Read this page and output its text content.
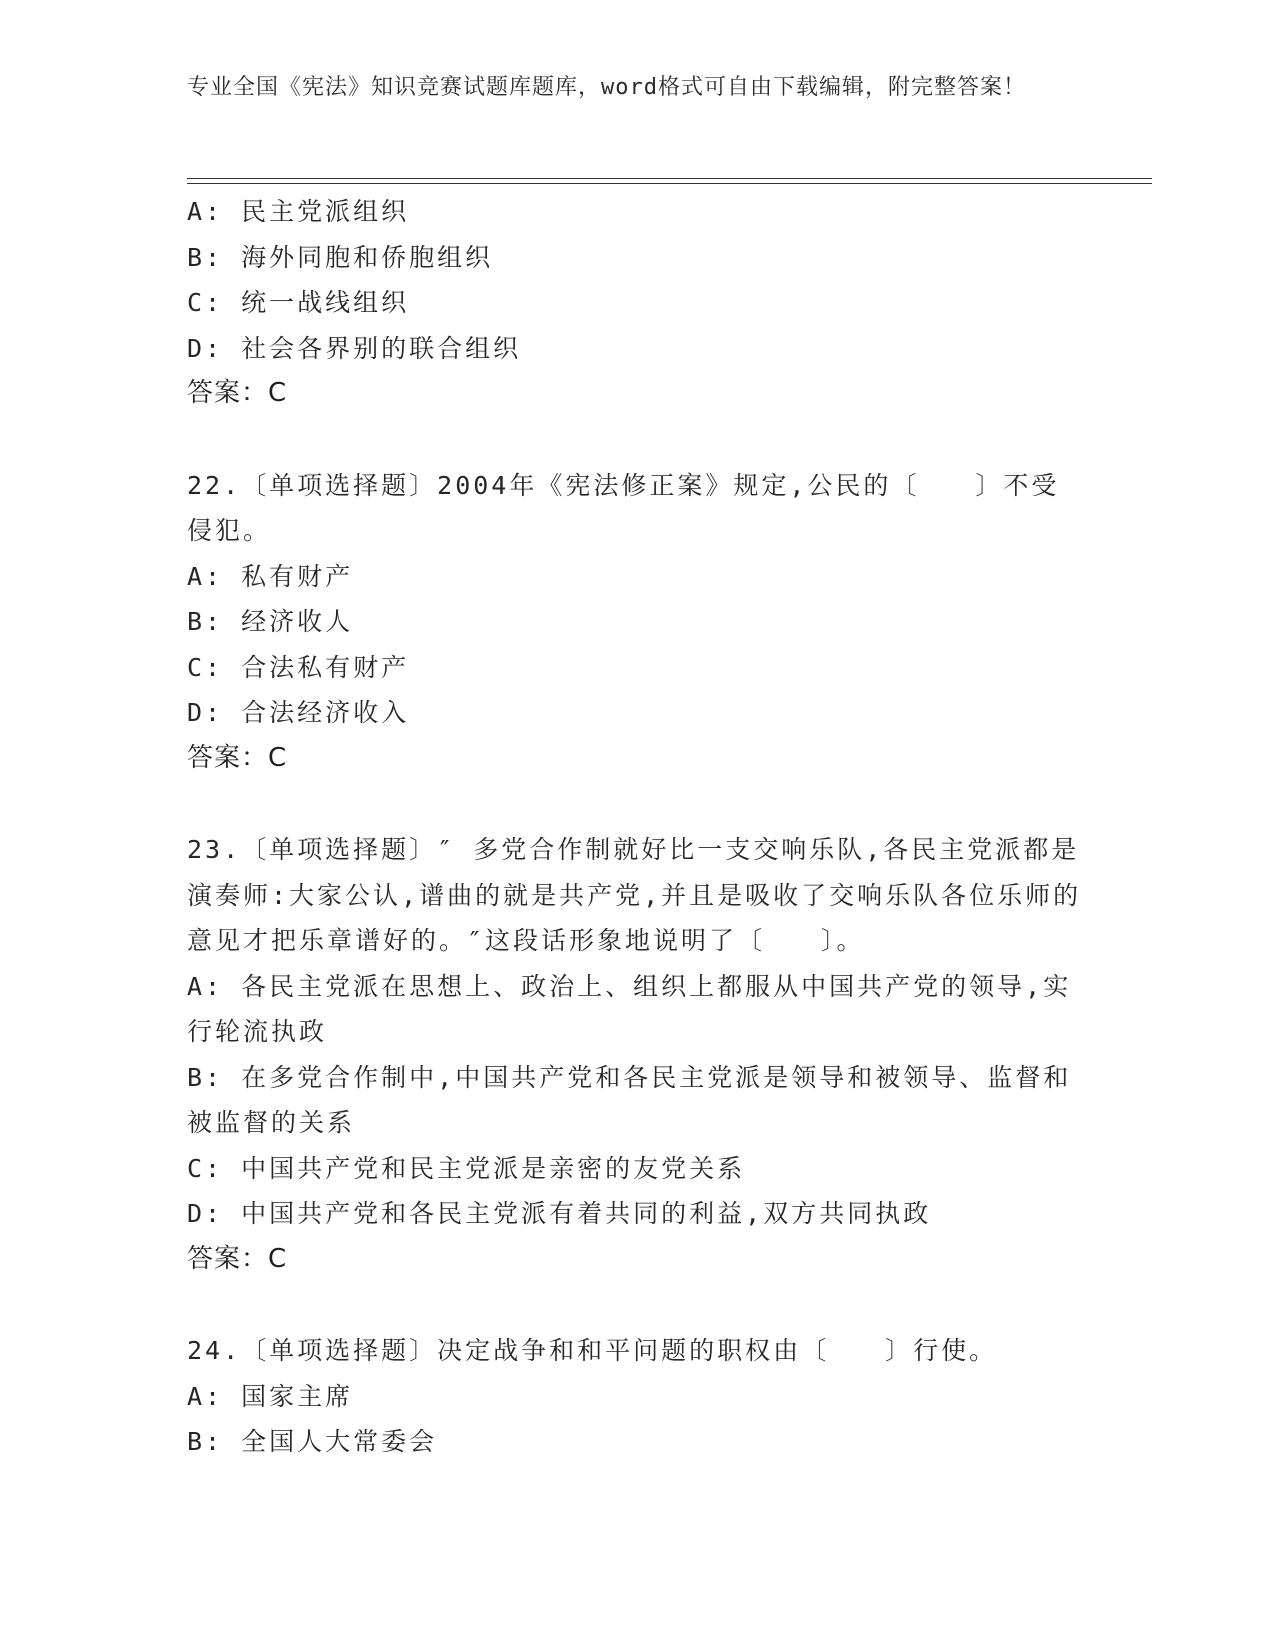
专业全国《宪法》知识竞赛试题库题库，word格式可自由下载编辑，附完整答案！
A: 民主党派组织
B: 海外同胞和侨胞组织
C: 统一战线组织
D: 社会各界别的联合组织
答案：C
22.〔单项选择题〕2004年《宪法修正案》规定,公民的〔　　〕不受侵犯。
A: 私有财产
B: 经济收人
C: 合法私有财产
D: 合法经济收入
答案：C
23.〔单项选择题〕″ 多党合作制就好比一支交响乐队,各民主党派都是演奏师:大家公认,谱曲的就是共产党,并且是吸收了交响乐队各位乐师的意见才把乐章谱好的。″这段话形象地说明了〔　　〕。
A: 各民主党派在思想上、政治上、组织上都服从中国共产党的领导,实行轮流执政
B: 在多党合作制中,中国共产党和各民主党派是领导和被领导、监督和被监督的关系
C: 中国共产党和民主党派是亲密的友党关系
D: 中国共产党和各民主党派有着共同的利益,双方共同执政
答案：C
24.〔单项选择题〕决定战争和和平问题的职权由〔　　〕行使。
A: 国家主席
B: 全国人大常委会
